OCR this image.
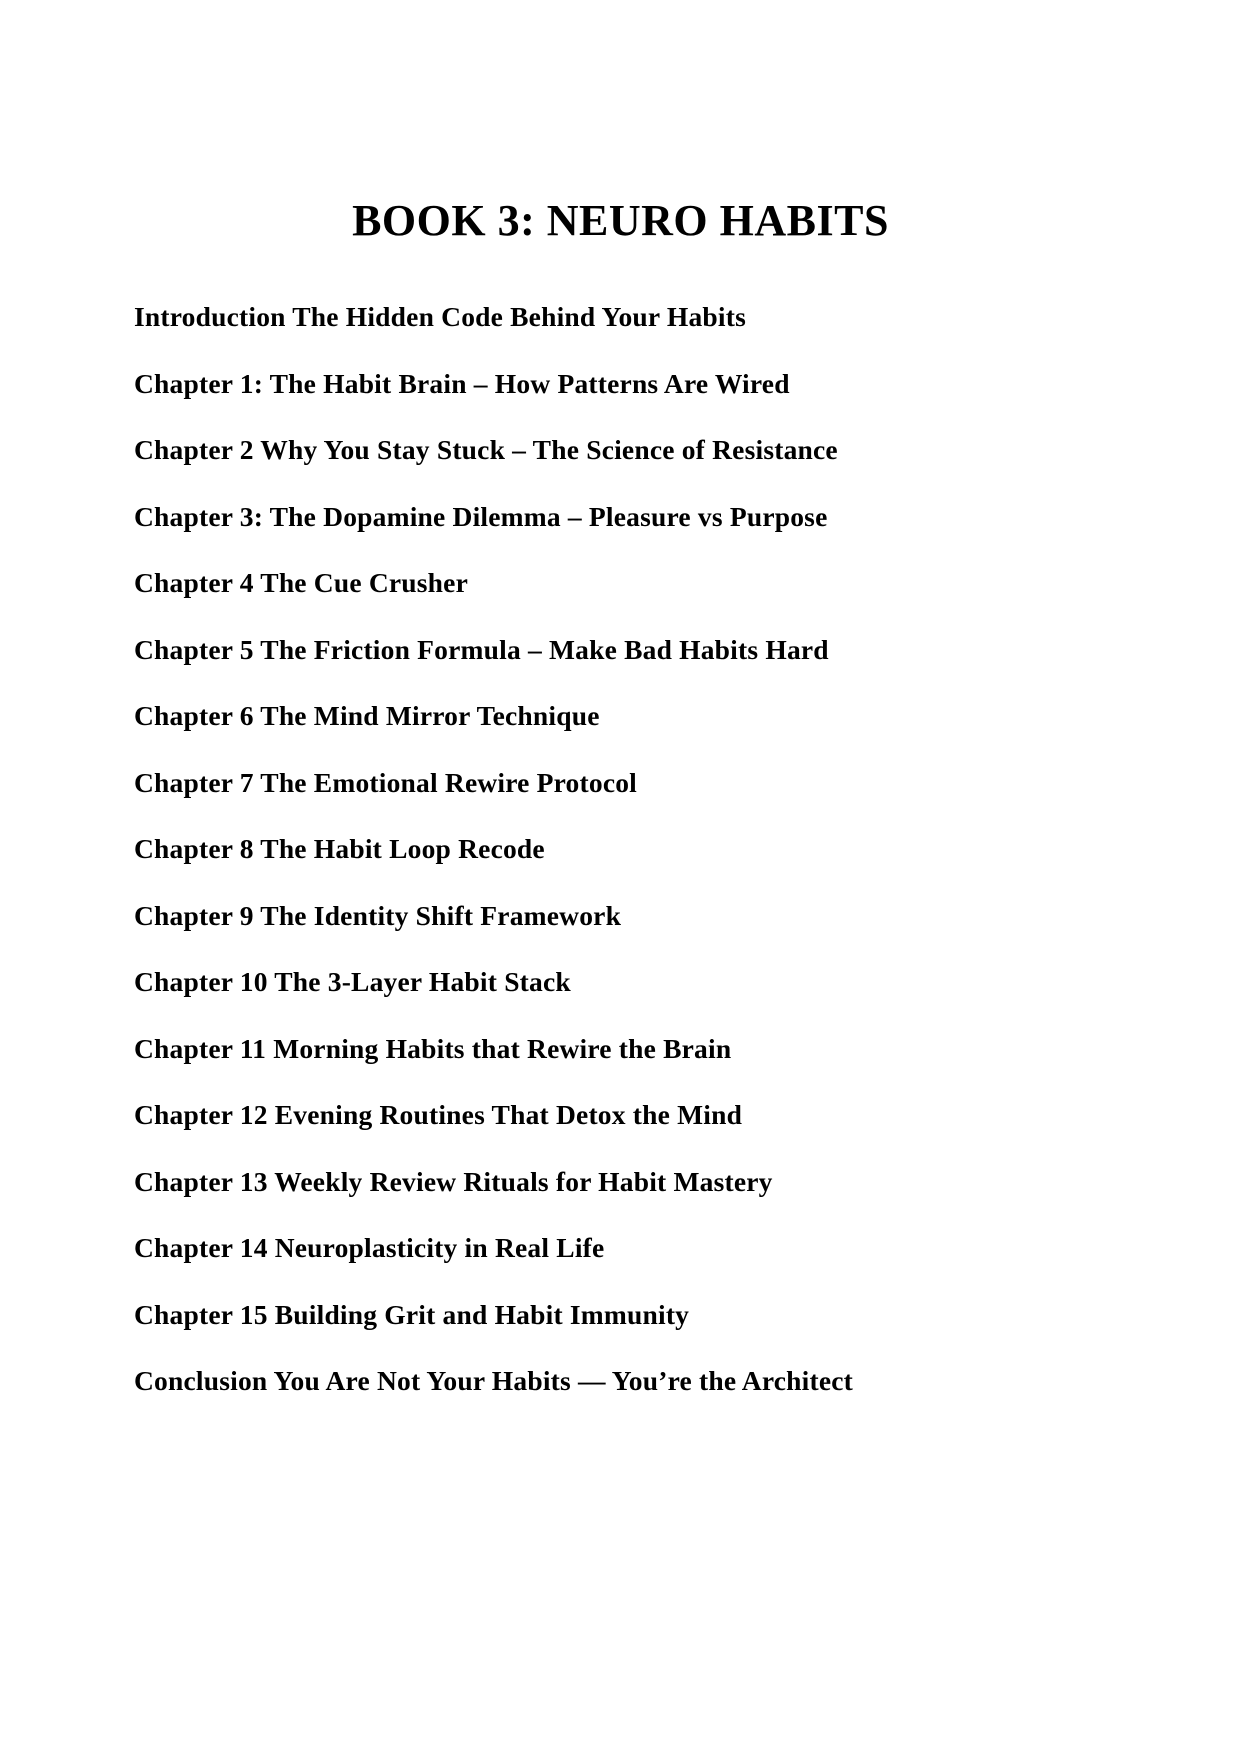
BOOK 3: NEURO HABITS
Introduction The Hidden Code Behind Your Habits
Chapter 1: The Habit Brain – How Patterns Are Wired
Chapter 2 Why You Stay Stuck – The Science of Resistance
Chapter 3: The Dopamine Dilemma – Pleasure vs Purpose
Chapter 4 The Cue Crusher
Chapter 5 The Friction Formula – Make Bad Habits Hard
Chapter 6 The Mind Mirror Technique
Chapter 7 The Emotional Rewire Protocol
Chapter 8 The Habit Loop Recode
Chapter 9 The Identity Shift Framework
Chapter 10 The 3-Layer Habit Stack
Chapter 11 Morning Habits that Rewire the Brain
Chapter 12 Evening Routines That Detox the Mind
Chapter 13 Weekly Review Rituals for Habit Mastery
Chapter 14 Neuroplasticity in Real Life
Chapter 15 Building Grit and Habit Immunity
Conclusion You Are Not Your Habits — You’re the Architect
